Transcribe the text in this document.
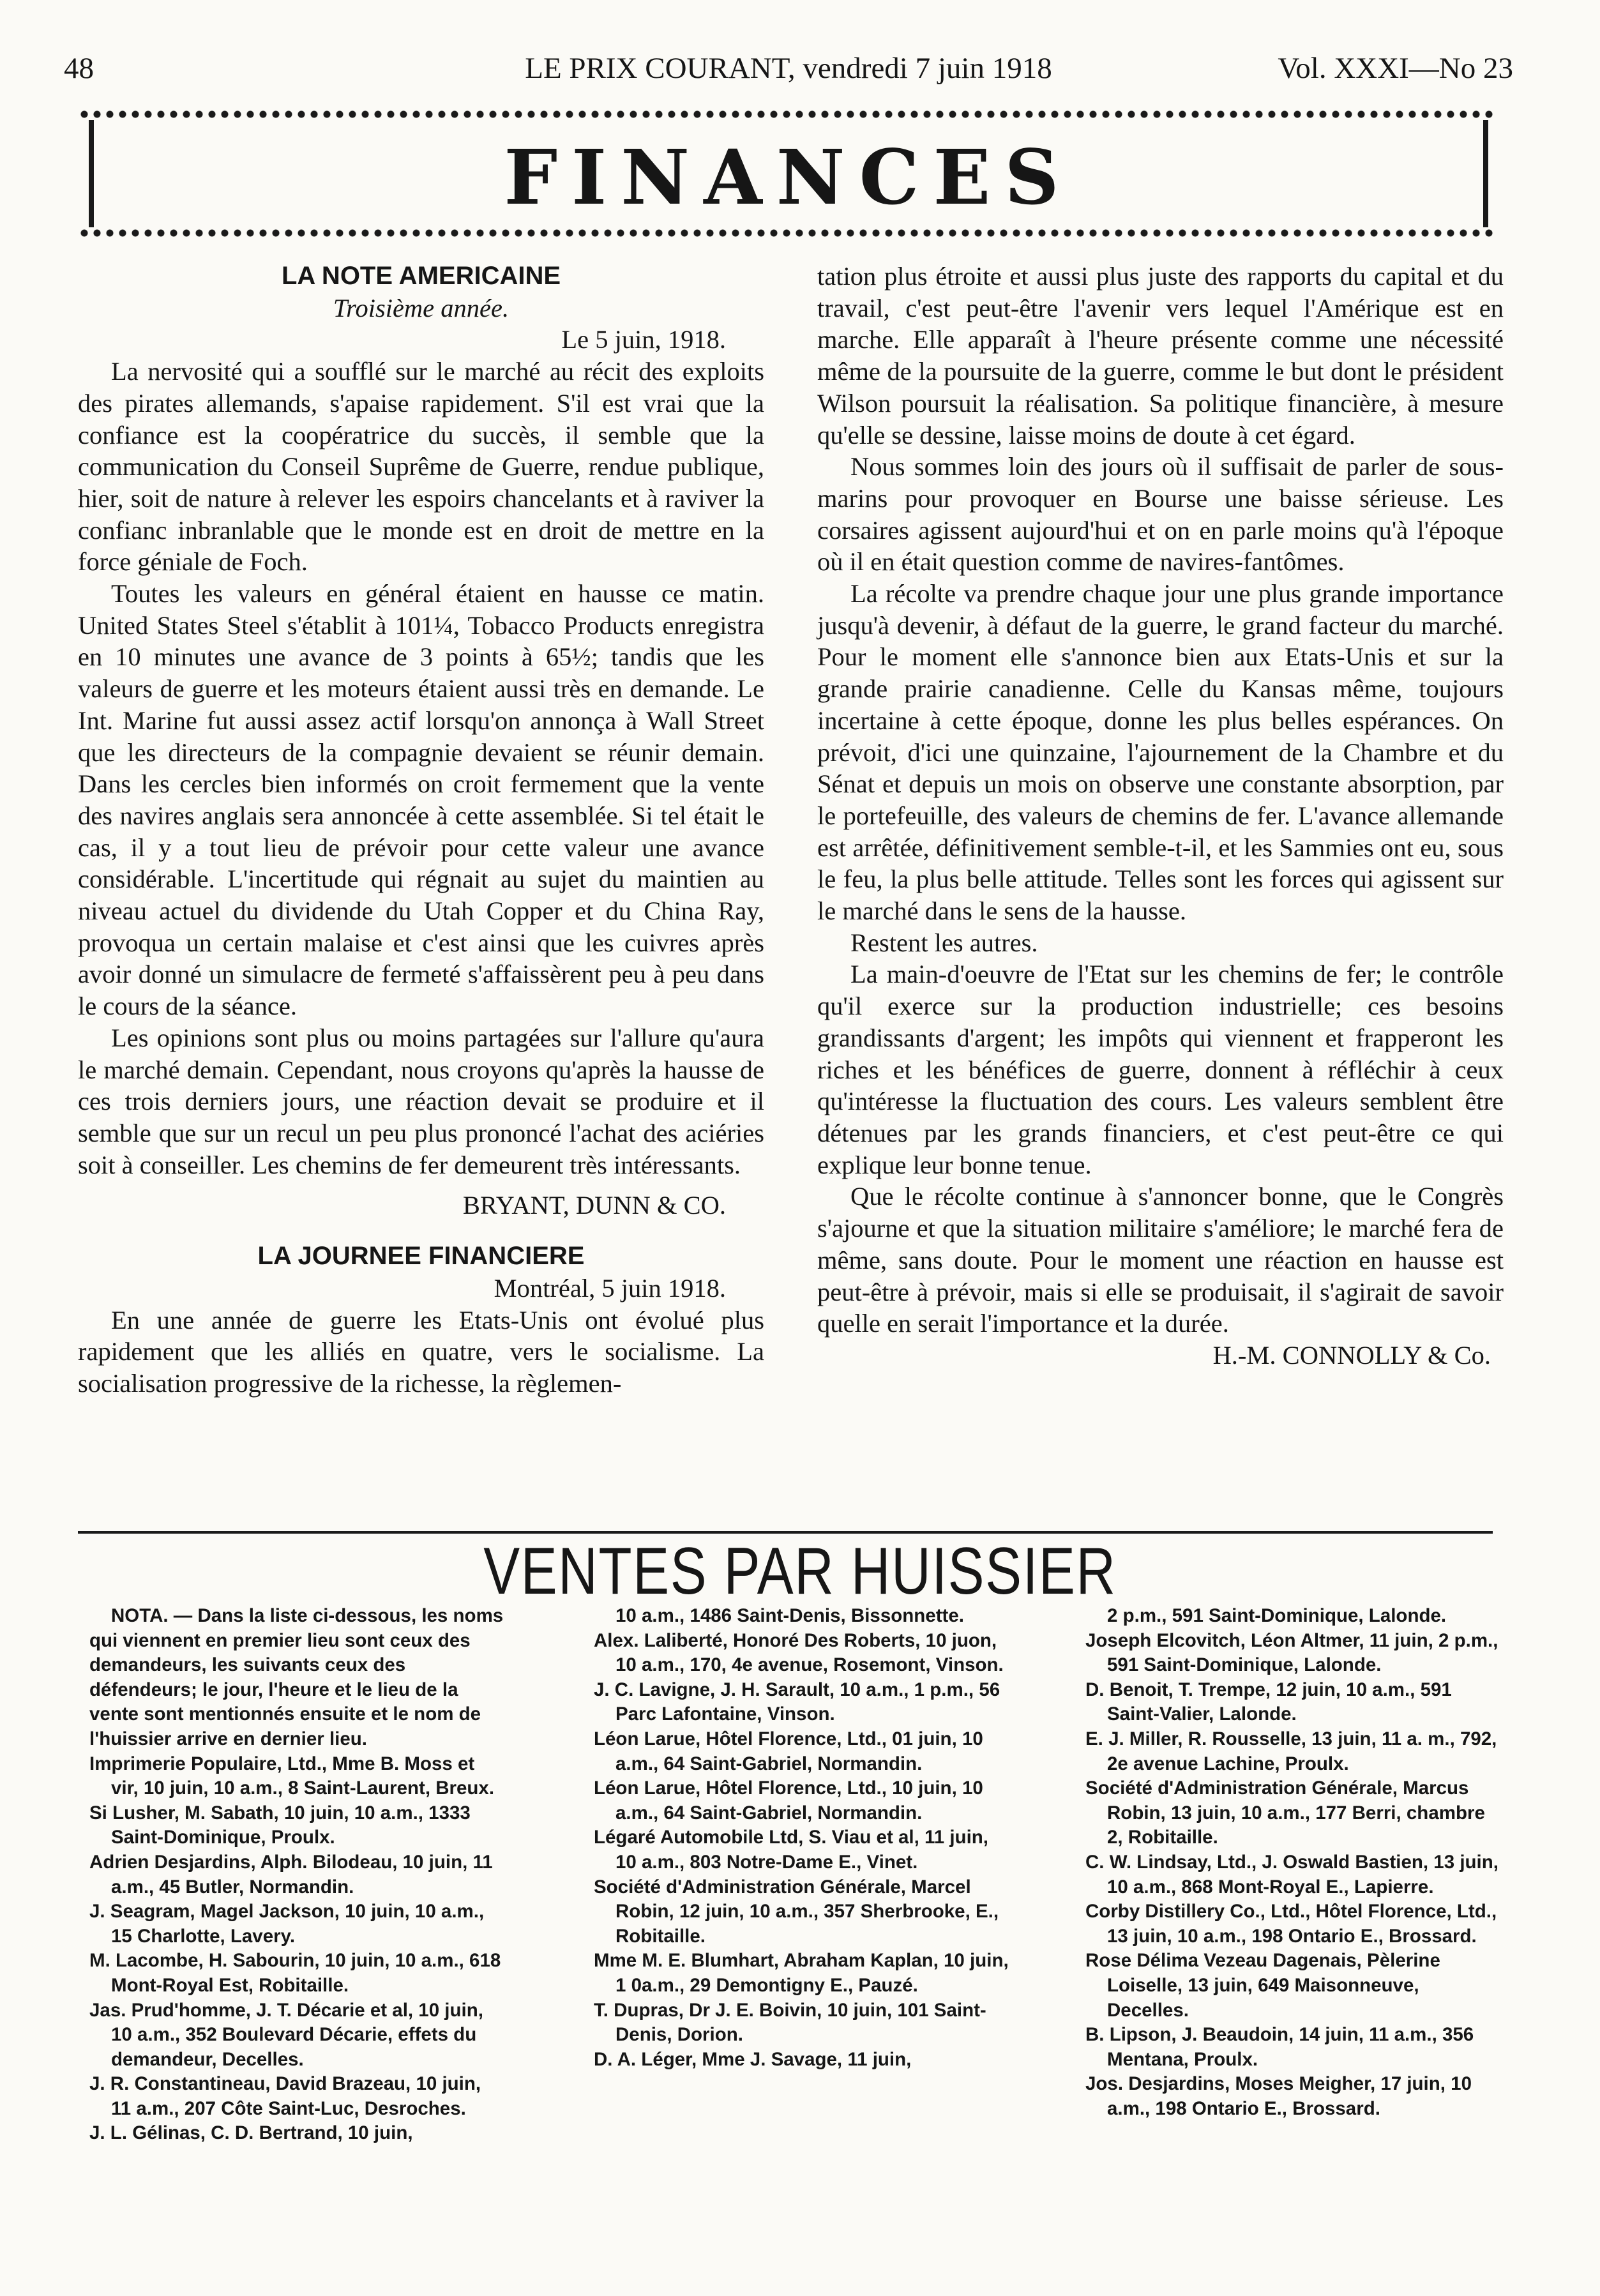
48	LE PRIX COURANT, vendredi 7 juin 1918	Vol. XXXI—No 23
FINANCES
LA NOTE AMERICAINE
Troisième année.
Le 5 juin, 1918.

La nervosité qui a soufflé sur le marché au récit des exploits des pirates allemands, s'apaise rapidement. S'il est vrai que la confiance est la coopératrice du succès, il semble que la communication du Conseil Suprême de Guerre, rendue publique, hier, soit de nature à relever les espoirs chancelants et à raviver la confianc inbranlable que le monde est en droit de mettre en la force géniale de Foch.

Toutes les valeurs en général étaient en hausse ce matin. United States Steel s'établit à 101¼, Tobacco Products enregistra en 10 minutes une avance de 3 points à 65½; tandis que les valeurs de guerre et les moteurs étaient aussi très en demande. Le Int. Marine fut aussi assez actif lorsqu'on annonça à Wall Street que les directeurs de la compagnie devaient se réunir demain. Dans les cercles bien informés on croit fermement que la vente des navires anglais sera annoncée à cette assemblée. Si tel était le cas, il y a tout lieu de prévoir pour cette valeur une avance considérable. L'incertitude qui régnait au sujet du maintien au niveau actuel du dividende du Utah Copper et du China Ray, provoqua un certain malaise et c'est ainsi que les cuivres après avoir donné un simulacre de fermeté s'affaissèrent peu à peu dans le cours de la séance.

Les opinions sont plus ou moins partagées sur l'allure qu'aura le marché demain. Cependant, nous croyons qu'après la hausse de ces trois derniers jours, une réaction devait se produire et il semble que sur un recul un peu plus prononcé l'achat des aciéries soit à conseiller. Les chemins de fer demeurent très intéressants.

BRYANT, DUNN & CO.
LA JOURNEE FINANCIERE
Montréal, 5 juin 1918.

En une année de guerre les Etats-Unis ont évolué plus rapidement que les alliés en quatre, vers le socialisme. La socialisation progressive de la richesse, la règlemen-

tation plus étroite et aussi plus juste des rapports du capital et du travail, c'est peut-être l'avenir vers lequel l'Amérique est en marche. Elle apparaît à l'heure présente comme une nécessité même de la poursuite de la guerre, comme le but dont le président Wilson poursuit la réalisation. Sa politique financière, à mesure qu'elle se dessine, laisse moins de doute à cet égard.

Nous sommes loin des jours où il suffisait de parler de sous-marins pour provoquer en Bourse une baisse sérieuse. Les corsaires agissent aujourd'hui et on en parle moins qu'à l'époque où il en était question comme de navires-fantômes.

La récolte va prendre chaque jour une plus grande importance jusqu'à devenir, à défaut de la guerre, le grand facteur du marché. Pour le moment elle s'annonce bien aux Etats-Unis et sur la grande prairie canadienne. Celle du Kansas même, toujours incertaine à cette époque, donne les plus belles espérances. On prévoit, d'ici une quinzaine, l'ajournement de la Chambre et du Sénat et depuis un mois on observe une constante absorption, par le portefeuille, des valeurs de chemins de fer. L'avance allemande est arrêtée, définitivement semble-t-il, et les Sammies ont eu, sous le feu, la plus belle attitude. Telles sont les forces qui agissent sur le marché dans le sens de la hausse.

Restent les autres.

La main-d'oeuvre de l'Etat sur les chemins de fer; le contrôle qu'il exerce sur la production industrielle; ces besoins grandissants d'argent; les impôts qui viennent et frapperont les riches et les bénéfices de guerre, donnent à réfléchir à ceux qu'intéresse la fluctuation des cours. Les valeurs semblent être détenues par les grands financiers, et c'est peut-être ce qui explique leur bonne tenue.

Que le récolte continue à s'annoncer bonne, que le Congrès s'ajourne et que la situation militaire s'améliore; le marché fera de même, sans doute. Pour le moment une réaction en hausse est peut-être à prévoir, mais si elle se produisait, il s'agirait de savoir quelle en serait l'importance et la durée.

H.-M. CONNOLLY & Co.
VENTES PAR HUISSIER

NOTA. — Dans la liste ci-dessous, les noms qui viennent en premier lieu sont ceux des demandeurs, les suivants ceux des défendeurs; le jour, l'heure et le lieu de la vente sont mentionnés ensuite et le nom de l'huissier arrive en dernier lieu.

Imprimerie Populaire, Ltd., Mme B. Moss et vir, 10 juin, 10 a.m., 8 Saint-Laurent, Breux.

Si Lusher, M. Sabath, 10 juin, 10 a.m., 1333 Saint-Dominique, Proulx.

Adrien Desjardins, Alph. Bilodeau, 10 juin, 11 a.m., 45 Butler, Normandin.

J. Seagram, Magel Jackson, 10 juin, 10 a.m., 15 Charlotte, Lavery.

M. Lacombe, H. Sabourin, 10 juin, 10 a.m., 618 Mont-Royal Est, Robitaille.

Jas. Prud'homme, J. T. Décarie et al, 10 juin, 10 a.m., 352 Boulevard Décarie, effets du demandeur, Decelles.

J. R. Constantineau, David Brazeau, 10 juin, 11 a.m., 207 Côte Saint-Luc, Desroches.

J. L. Gélinas, C. D. Bertrand, 10 juin,

10 a.m., 1486 Saint-Denis, Bissonnette.

Alex. Laliberté, Honoré Des Roberts, 10 juon, 10 a.m., 170, 4e avenue, Rosemont, Vinson.

J. C. Lavigne, J. H. Sarault, 10 a.m., 1 p.m., 56 Parc Lafontaine, Vinson.

Léon Larue, Hôtel Florence, Ltd., 01 juin, 10 a.m., 64 Saint-Gabriel, Normandin.

Léon Larue, Hôtel Florence, Ltd., 10 juin, 10 a.m., 64 Saint-Gabriel, Normandin.

Légaré Automobile Ltd, S. Viau et al, 11 juin, 10 a.m., 803 Notre-Dame E., Vinet.

Société d'Administration Générale, Marcel Robin, 12 juin, 10 a.m., 357 Sherbrooke, E., Robitaille.

Mme M. E. Blumhart, Abraham Kaplan, 10 juin, 1 0a.m., 29 Demontigny E., Pauzé.

T. Dupras, Dr J. E. Boivin, 10 juin, 101 Saint-Denis, Dorion.

D. A. Léger, Mme J. Savage, 11 juin,

2 p.m., 591 Saint-Dominique, Lalonde.

Joseph Elcovitch, Léon Altmer, 11 juin, 2 p.m., 591 Saint-Dominique, Lalonde.

D. Benoit, T. Trempe, 12 juin, 10 a.m., 591 Saint-Valier, Lalonde.

E. J. Miller, R. Rousselle, 13 juin, 11 a. m., 792, 2e avenue Lachine, Proulx.

Société d'Administration Générale, Marcus Robin, 13 juin, 10 a.m., 177 Berri, chambre 2, Robitaille.

C. W. Lindsay, Ltd., J. Oswald Bastien, 13 juin, 10 a.m., 868 Mont-Royal E., Lapierre.

Corby Distillery Co., Ltd., Hôtel Florence, Ltd., 13 juin, 10 a.m., 198 Ontario E., Brossard.

Rose Délima Vezeau Dagenais, Pèlerine Loiselle, 13 juin, 649 Maisonneuve, Decelles.

B. Lipson, J. Beaudoin, 14 juin, 11 a.m., 356 Mentana, Proulx.

Jos. Desjardins, Moses Meigher, 17 juin, 10 a.m., 198 Ontario E., Brossard.
